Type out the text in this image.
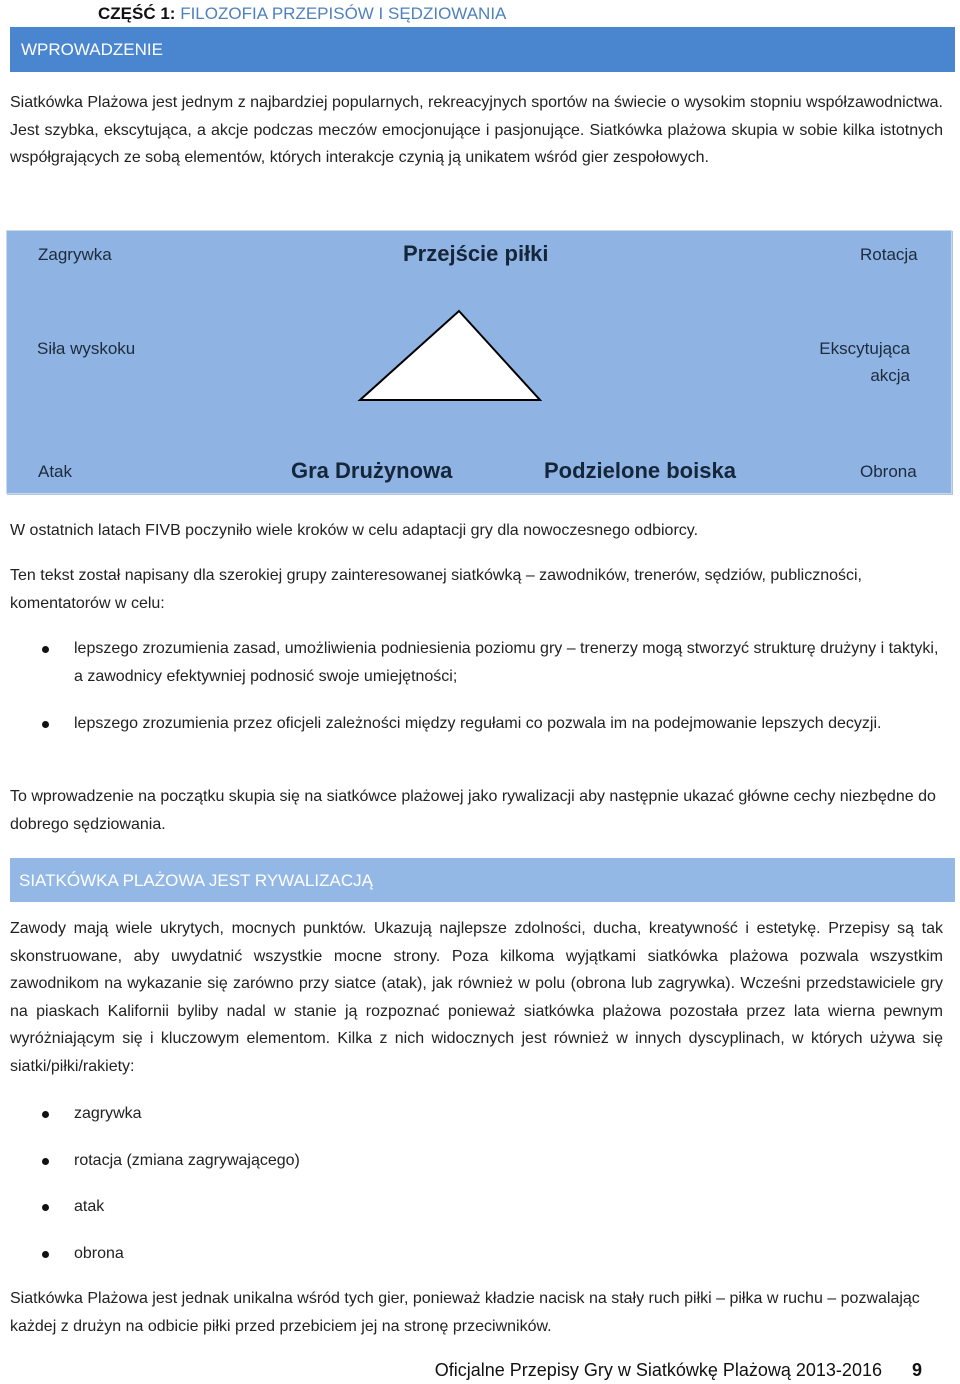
CZĘŚĆ 1: FILOZOFIA PRZEPISÓW I SĘDZIOWANIA
WPROWADZENIE
Siatkówka Plażowa jest jednym z najbardziej popularnych, rekreacyjnych sportów na świecie o wysokim stopniu współzawodnictwa. Jest szybka, ekscytująca, a akcje podczas meczów emocjonujące i pasjonujące. Siatkówka plażowa skupia w sobie kilka istotnych współgrających ze sobą elementów, których interakcje czynią ją unikatem wśród gier zespołowych.
Zagrywka	Przejście piłki	Rotacja
Siła wyskoku	Ekscytująca
akcja
Atak	Gra Drużynowa	Podzielone boiska	Obrona
W ostatnich latach FIVB poczyniło wiele kroków w celu adaptacji gry dla nowoczesnego odbiorcy.
Ten tekst został napisany dla szerokiej grupy zainteresowanej siatkówką – zawodników, trenerów, sędziów, publiczności, komentatorów w celu:
lepszego zrozumienia zasad, umożliwienia podniesienia poziomu gry – trenerzy mogą stworzyć strukturę drużyny i taktyki, a zawodnicy efektywniej podnosić swoje umiejętności;
lepszego zrozumienia przez oficjeli zależności między regułami co pozwala im na podejmowanie lepszych decyzji.
To wprowadzenie na początku skupia się na siatkówce plażowej jako rywalizacji aby następnie ukazać główne cechy niezbędne do dobrego sędziowania.
SIATKÓWKA PLAŻOWA JEST RYWALIZACJĄ
Zawody mają wiele ukrytych, mocnych punktów. Ukazują najlepsze zdolności, ducha, kreatywność i estetykę. Przepisy są tak skonstruowane, aby uwydatnić wszystkie mocne strony. Poza kilkoma wyjątkami siatkówka plażowa pozwala wszystkim zawodnikom na wykazanie się zarówno przy siatce (atak), jak również w polu (obrona lub zagrywka). Wcześni przedstawiciele gry na piaskach Kalifornii byliby nadal w stanie ją rozpoznać ponieważ siatkówka plażowa pozostała przez lata wierna pewnym wyróżniającym się i kluczowym elementom. Kilka z nich widocznych jest również w innych dyscyplinach, w których używa się siatki/piłki/rakiety:
zagrywka
rotacja (zmiana zagrywającego)
atak
obrona
Siatkówka Plażowa jest jednak unikalna wśród tych gier, ponieważ kładzie nacisk na stały ruch piłki – piłka w ruchu – pozwalając każdej z drużyn na odbicie piłki przed przebiciem jej na stronę przeciwników.
Oficjalne Przepisy Gry w Siatkówkę Plażową 2013-2016 9
